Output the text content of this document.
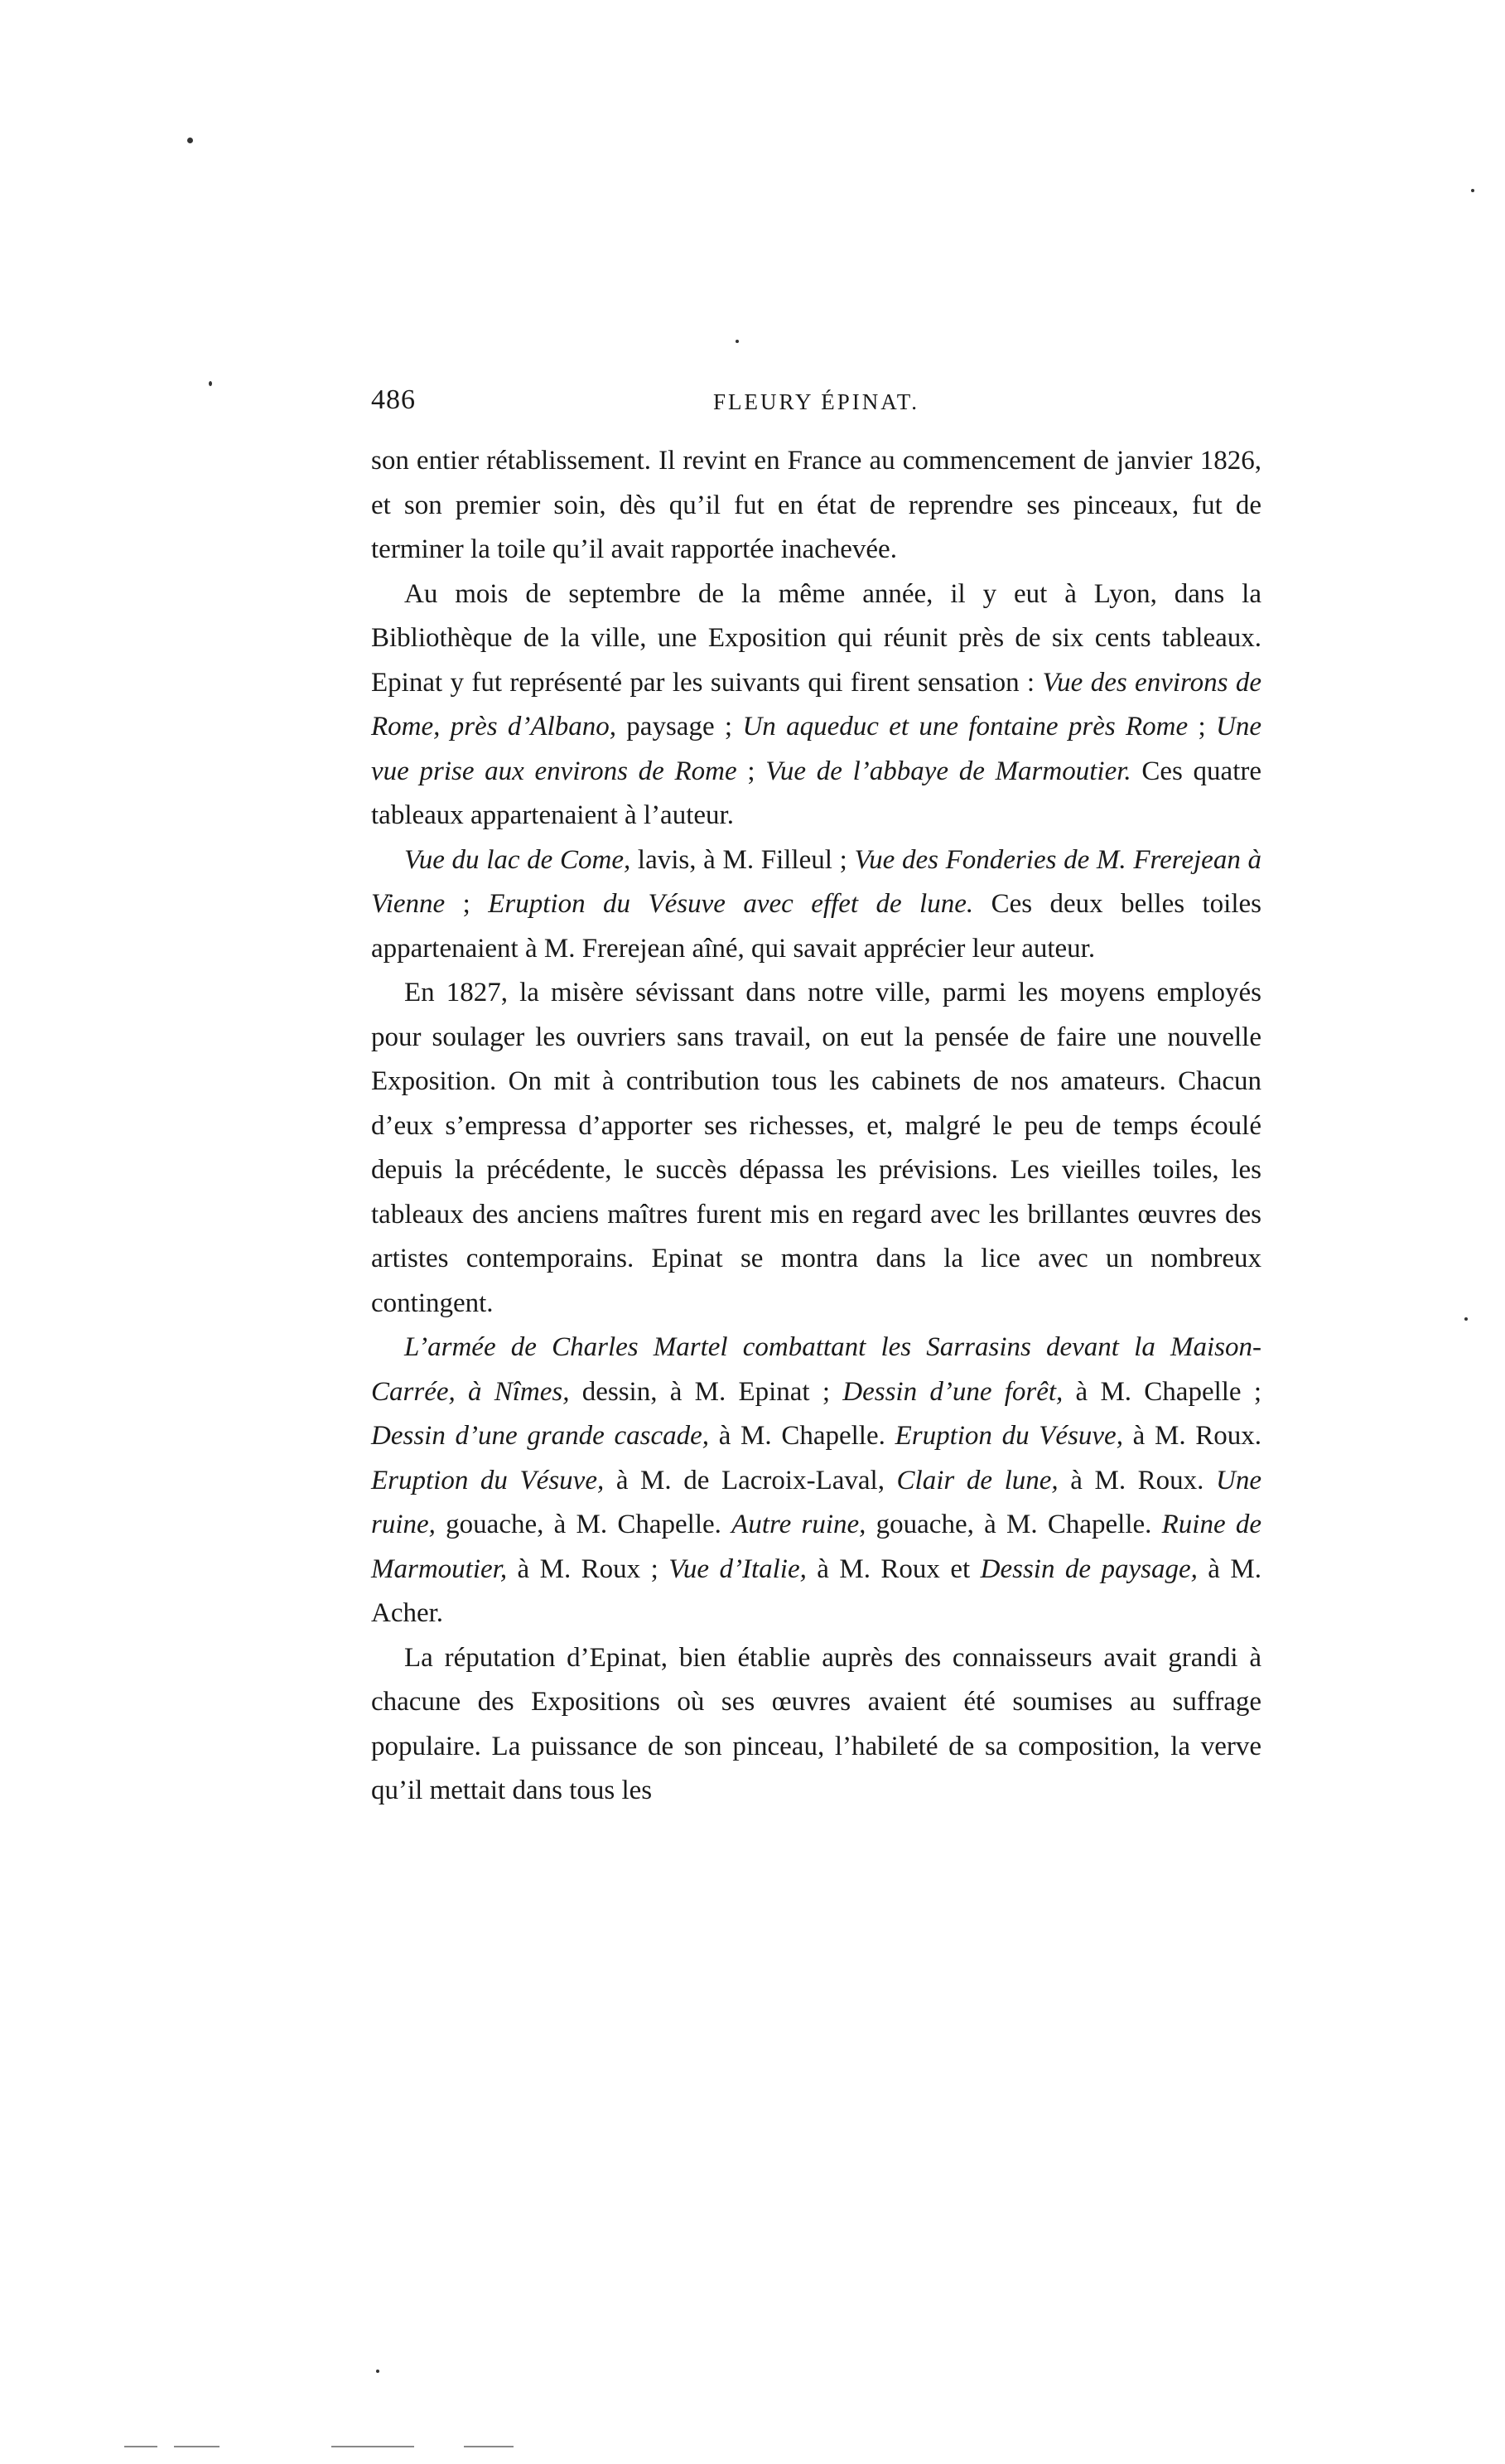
486	FLEURY ÉPINAT.

son entier rétablissement. Il revint en France au commencement de janvier 1826, et son premier soin, dès qu’il fut en état de reprendre ses pinceaux, fut de terminer la toile qu’il avait rapportée inachevée.

Au mois de septembre de la même année, il y eut à Lyon, dans la Bibliothèque de la ville, une Exposition qui réunit près de six cents tableaux. Epinat y fut représenté par les suivants qui firent sensation : Vue des environs de Rome, près d’Albano, paysage ; Un aqueduc et une fontaine près Rome ; Une vue prise aux environs de Rome ; Vue de l’abbaye de Marmoutier. Ces quatre tableaux appartenaient à l’auteur.

Vue du lac de Come, lavis, à M. Filleul ; Vue des Fonderies de M. Frerejean à Vienne ; Eruption du Vésuve avec effet de lune. Ces deux belles toiles appartenaient à M. Frerejean aîné, qui savait apprécier leur auteur.

En 1827, la misère sévissant dans notre ville, parmi les moyens employés pour soulager les ouvriers sans travail, on eut la pensée de faire une nouvelle Exposition. On mit à contribution tous les cabinets de nos amateurs. Chacun d’eux s’empressa d’apporter ses richesses, et, malgré le peu de temps écoulé depuis la précédente, le succès dépassa les prévisions. Les vieilles toiles, les tableaux des anciens maîtres furent mis en regard avec les brillantes œuvres des artistes contemporains. Epinat se montra dans la lice avec un nombreux contingent.

L’armée de Charles Martel combattant les Sarrasins devant la Maison-Carrée, à Nîmes, dessin, à M. Epinat ; Dessin d’une forêt, à M. Chapelle ; Dessin d’une grande cascade, à M. Chapelle. Eruption du Vésuve, à M. Roux. Eruption du Vésuve, à M. de Lacroix-Laval, Clair de lune, à M. Roux. Une ruine, gouache, à M. Chapelle. Autre ruine, gouache, à M. Chapelle. Ruine de Marmoutier, à M. Roux ; Vue d’Italie, à M. Roux et Dessin de paysage, à M. Acher.

La réputation d’Epinat, bien établie auprès des connaisseurs avait grandi à chacune des Expositions où ses œuvres avaient été soumises au suffrage populaire. La puissance de son pinceau, l’habileté de sa composition, la verve qu’il mettait dans tous les
